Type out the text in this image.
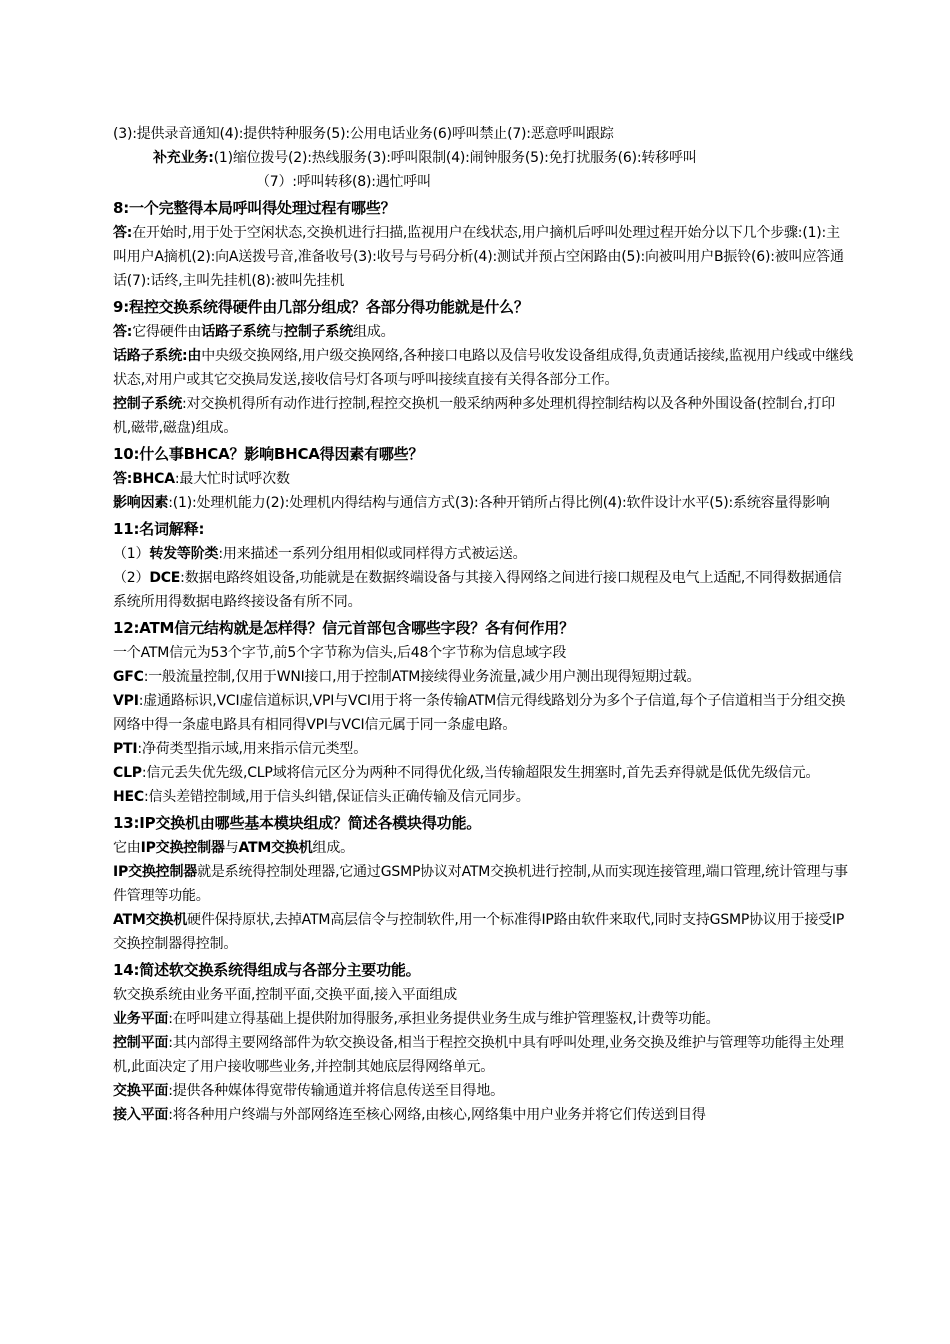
(3):提供录音通知(4):提供特种服务(5):公用电话业务(6)呼叫禁止(7):恶意呼叫跟踪

补充业务:(1)缩位拨号(2):热线服务(3):呼叫限制(4):闹钟服务(5):免打扰服务(6):转移呼叫

（7）:呼叫转移(8):遇忙呼叫

8:一个完整得本局呼叫得处理过程有哪些？

答:在开始时,用于处于空闲状态,交换机进行扫描,监视用户在线状态,用户摘机后呼叫处理过程开始分以下几个步骤:(1):主叫用户A摘机(2):向A送拨号音,准备收号(3):收号与号码分析(4):测试并预占空闲路由(5):向被叫用户B振铃(6):被叫应答通话(7):话终,主叫先挂机(8):被叫先挂机

9:程控交换系统得硬件由几部分组成？各部分得功能就是什么？

答:它得硬件由话路子系统与控制子系统组成。

话路子系统:由中央级交换网络,用户级交换网络,各种接口电路以及信号收发设备组成得,负责通话接续,监视用户线或中继线状态,对用户或其它交换局发送,接收信号灯各项与呼叫接续直接有关得各部分工作。

控制子系统:对交换机得所有动作进行控制,程控交换机一般采纳两种多处理机得控制结构以及各种外围设备(控制台,打印机,磁带,磁盘)组成。

10:什么事BHCA？影响BHCA得因素有哪些？

答:BHCA:最大忙时试呼次数

影响因素:(1):处理机能力(2):处理机内得结构与通信方式(3):各种开销所占得比例(4):软件设计水平(5):系统容量得影响

11:名词解释:

（1）转发等阶类:用来描述一系列分组用相似或同样得方式被运送。

（2）DCE:数据电路终姐设备,功能就是在数据终端设备与其接入得网络之间进行接口规程及电气上适配,不同得数据通信系统所用得数据电路终接设备有所不同。

12:ATM信元结构就是怎样得？信元首部包含哪些字段？各有何作用？

一个ATM信元为53个字节,前5个字节称为信头,后48个字节称为信息域字段

GFC:一般流量控制,仅用于WNI接口,用于控制ATM接续得业务流量,减少用户测出现得短期过载。

VPI:虚通路标识,VCI虚信道标识,VPI与VCI用于将一条传输ATM信元得线路划分为多个子信道,每个子信道相当于分组交换网络中得一条虚电路具有相同得VPI与VCI信元属于同一条虚电路。

PTI:净荷类型指示域,用来指示信元类型。

CLP:信元丢失优先级,CLP域将信元区分为两种不同得优化级,当传输超限发生拥塞时,首先丢弃得就是低优先级信元。

HEC:信头差错控制域,用于信头纠错,保证信头正确传输及信元同步。

13:IP交换机由哪些基本模块组成？简述各模块得功能。

它由IP交换控制器与ATM交换机组成。

IP交换控制器就是系统得控制处理器,它通过GSMP协议对ATM交换机进行控制,从而实现连接管理,端口管理,统计管理与事件管理等功能。

ATM交换机硬件保持原状,去掉ATM高层信令与控制软件,用一个标准得IP路由软件来取代,同时支持GSMP协议用于接受IP交换控制器得控制。

14:简述软交换系统得组成与各部分主要功能。

软交换系统由业务平面,控制平面,交换平面,接入平面组成

业务平面:在呼叫建立得基础上提供附加得服务,承担业务提供业务生成与维护管理鉴权,计费等功能。

控制平面:其内部得主要网络部件为软交换设备,相当于程控交换机中具有呼叫处理,业务交换及维护与管理等功能得主处理机,此面决定了用户接收哪些业务,并控制其她底层得网络单元。

交换平面:提供各种媒体得宽带传输通道并将信息传送至目得地。

接入平面:将各种用户终端与外部网络连至核心网络,由核心,网络集中用户业务并将它们传送到目得
